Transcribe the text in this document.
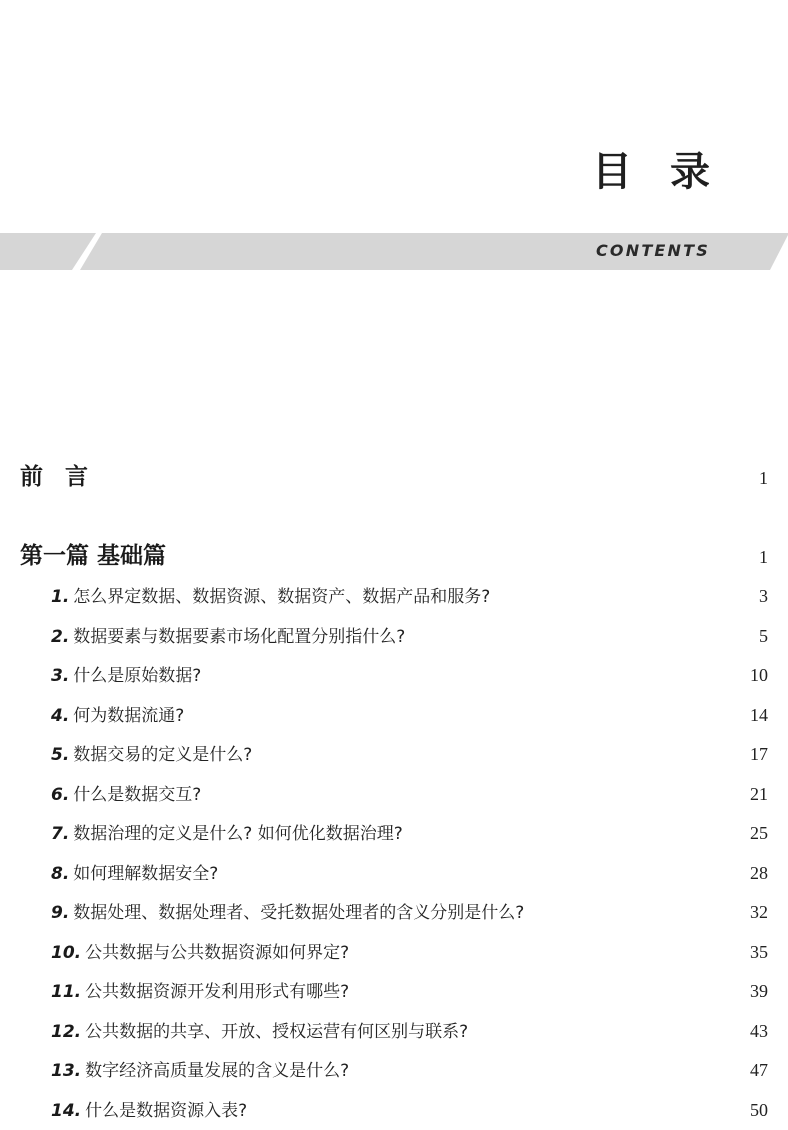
目录
CONTENTS
前言	1
第一篇 基础篇	1
1. 怎么界定数据、数据资源、数据资产、数据产品和服务?	3
2. 数据要素与数据要素市场化配置分别指什么?	5
3. 什么是原始数据?	10
4. 何为数据流通?	14
5. 数据交易的定义是什么?	17
6. 什么是数据交互?	21
7. 数据治理的定义是什么? 如何优化数据治理?	25
8. 如何理解数据安全?	28
9. 数据处理、数据处理者、受托数据处理者的含义分别是什么?	32
10. 公共数据与公共数据资源如何界定?	35
11. 公共数据资源开发利用形式有哪些?	39
12. 公共数据的共享、开放、授权运营有何区别与联系?	43
13. 数字经济高质量发展的含义是什么?	47
14. 什么是数据资源入表?	50
